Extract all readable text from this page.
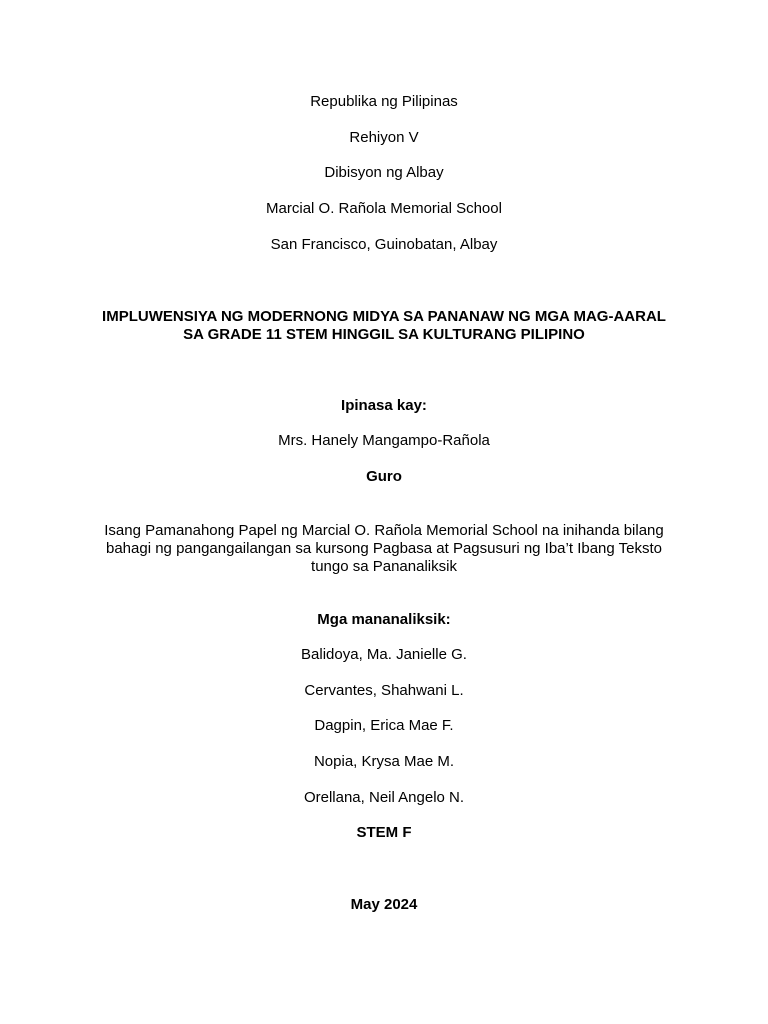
Republika ng Pilipinas
Rehiyon V
Dibisyon ng Albay
Marcial O. Rañola Memorial School
San Francisco, Guinobatan, Albay
IMPLUWENSIYA NG MODERNONG MIDYA SA PANANAW NG MGA MAG-AARAL
SA GRADE 11 STEM HINGGIL SA KULTURANG PILIPINO
Ipinasa kay:
Mrs. Hanely Mangampo-Rañola
Guro
Isang Pamanahong Papel ng Marcial O. Rañola Memorial School na inihanda bilang
bahagi ng pangangailangan sa kursong Pagbasa at Pagsusuri ng Iba’t Ibang Teksto
tungo sa Pananaliksik
Mga mananaliksik:
Balidoya, Ma. Janielle G.
Cervantes, Shahwani L.
Dagpin, Erica Mae F.
Nopia, Krysa Mae M.
Orellana, Neil Angelo N.
STEM F
May 2024
